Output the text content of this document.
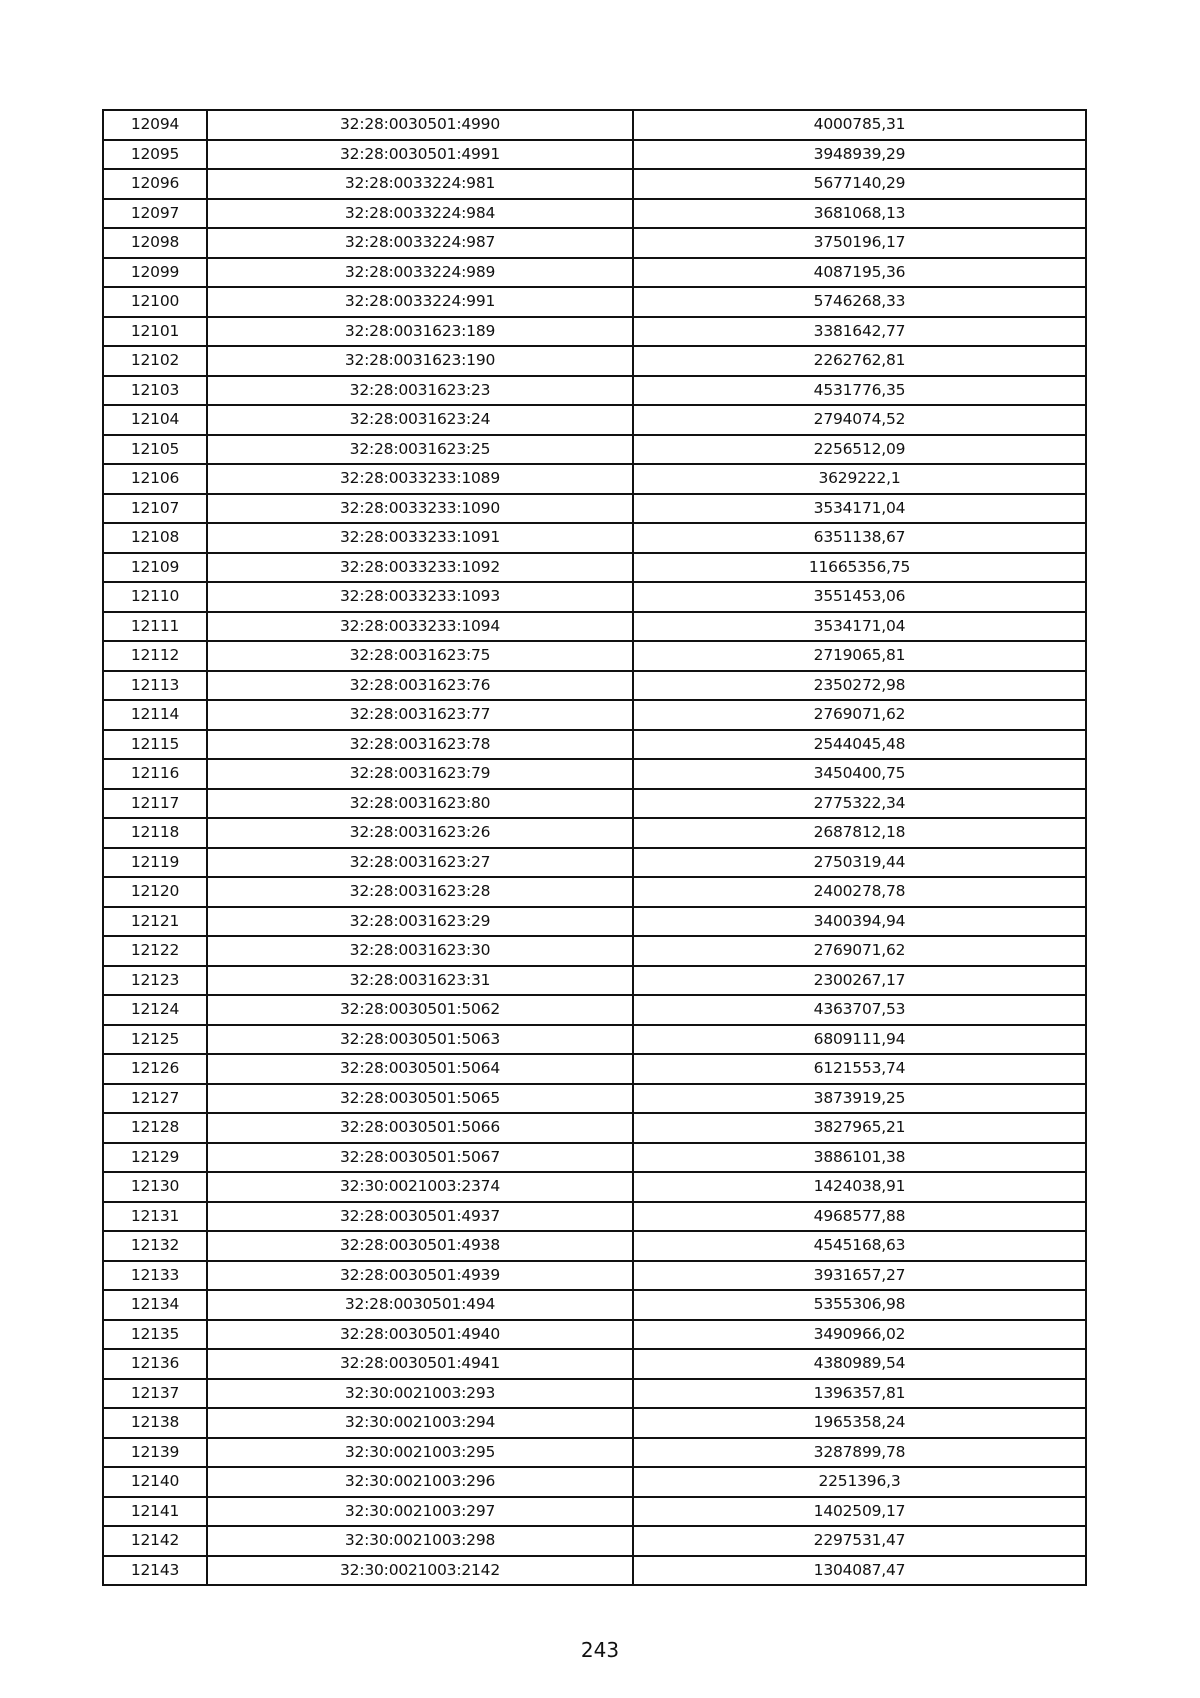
12094	32:28:0030501:4990	4000785,31
12095	32:28:0030501:4991	3948939,29
12096	32:28:0033224:981	5677140,29
12097	32:28:0033224:984	3681068,13
12098	32:28:0033224:987	3750196,17
12099	32:28:0033224:989	4087195,36
12100	32:28:0033224:991	5746268,33
12101	32:28:0031623:189	3381642,77
12102	32:28:0031623:190	2262762,81
12103	32:28:0031623:23	4531776,35
12104	32:28:0031623:24	2794074,52
12105	32:28:0031623:25	2256512,09
12106	32:28:0033233:1089	3629222,1
12107	32:28:0033233:1090	3534171,04
12108	32:28:0033233:1091	6351138,67
12109	32:28:0033233:1092	11665356,75
12110	32:28:0033233:1093	3551453,06
12111	32:28:0033233:1094	3534171,04
12112	32:28:0031623:75	2719065,81
12113	32:28:0031623:76	2350272,98
12114	32:28:0031623:77	2769071,62
12115	32:28:0031623:78	2544045,48
12116	32:28:0031623:79	3450400,75
12117	32:28:0031623:80	2775322,34
12118	32:28:0031623:26	2687812,18
12119	32:28:0031623:27	2750319,44
12120	32:28:0031623:28	2400278,78
12121	32:28:0031623:29	3400394,94
12122	32:28:0031623:30	2769071,62
12123	32:28:0031623:31	2300267,17
12124	32:28:0030501:5062	4363707,53
12125	32:28:0030501:5063	6809111,94
12126	32:28:0030501:5064	6121553,74
12127	32:28:0030501:5065	3873919,25
12128	32:28:0030501:5066	3827965,21
12129	32:28:0030501:5067	3886101,38
12130	32:30:0021003:2374	1424038,91
12131	32:28:0030501:4937	4968577,88
12132	32:28:0030501:4938	4545168,63
12133	32:28:0030501:4939	3931657,27
12134	32:28:0030501:494	5355306,98
12135	32:28:0030501:4940	3490966,02
12136	32:28:0030501:4941	4380989,54
12137	32:30:0021003:293	1396357,81
12138	32:30:0021003:294	1965358,24
12139	32:30:0021003:295	3287899,78
12140	32:30:0021003:296	2251396,3
12141	32:30:0021003:297	1402509,17
12142	32:30:0021003:298	2297531,47
12143	32:30:0021003:2142	1304087,47
243
